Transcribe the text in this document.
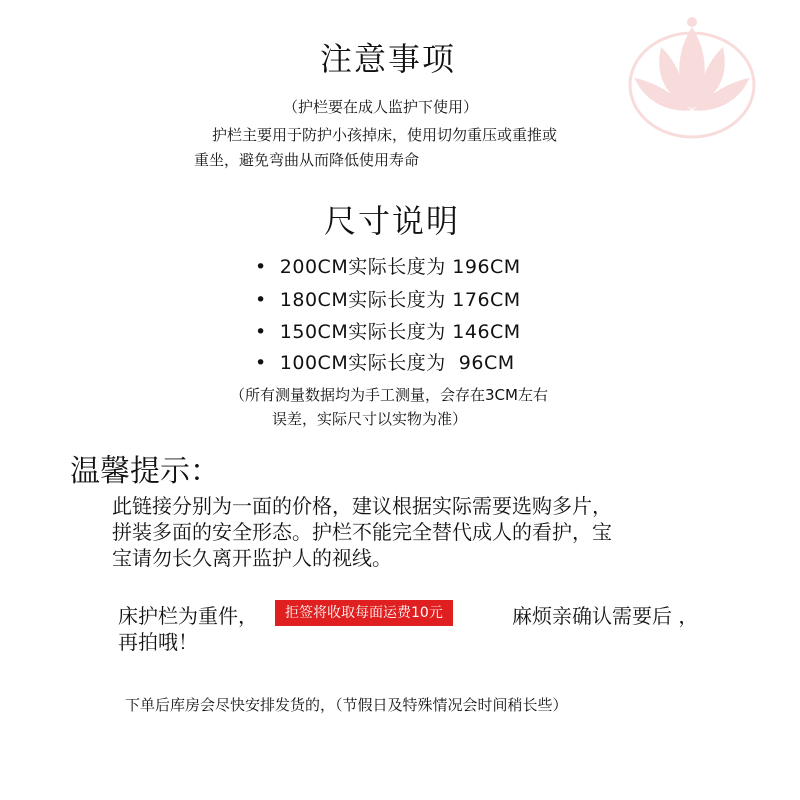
注意事项
（护栏要在成人监护下使用）
护栏主要用于防护小孩掉床，使用切勿重压或重推或
重坐，避免弯曲从而降低使用寿命
尺寸说明
•  200CM实际长度为 196CM
•  180CM实际长度为 176CM
•  150CM实际长度为 146CM
•  100CM实际长度为  96CM
（所有测量数据均为手工测量，会存在3CM左右
误差，实际尺寸以实物为准）
温馨提示：
此链接分别为一面的价格，建议根据实际需要选购多片，
拼装多面的安全形态。护栏不能完全替代成人的看护，宝
宝请勿长久离开监护人的视线。
床护栏为重件，	拒签将收取每面运费10元	麻烦亲确认需要后 ，
再拍哦！
下单后库房会尽快安排发货的，（节假日及特殊情况会时间稍长些）
